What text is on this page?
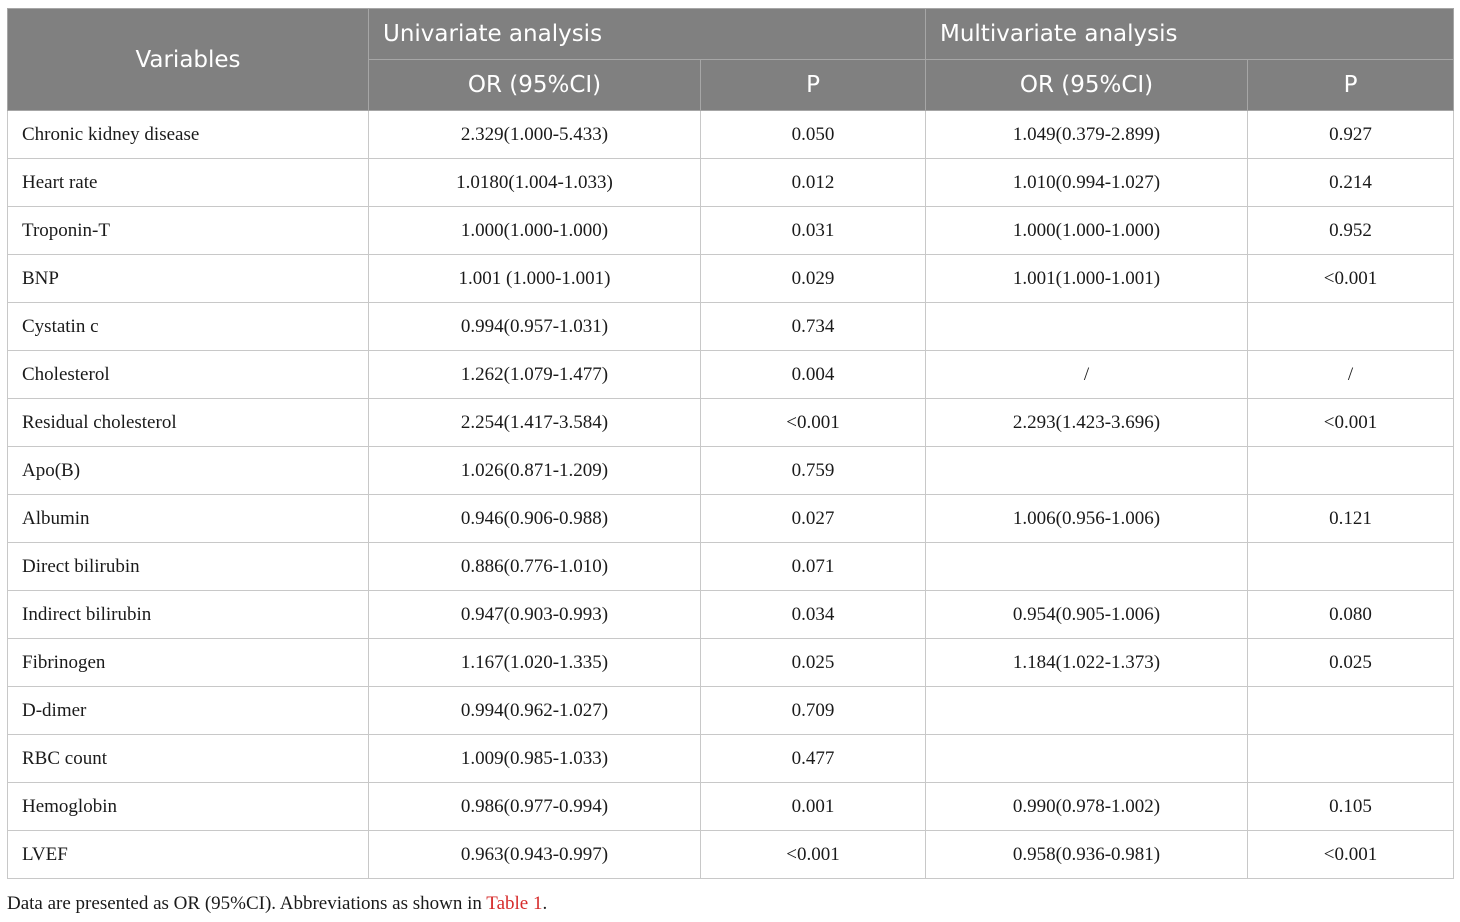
Variables	Univariate analysis		Multivariate analysis	
	OR (95%CI)	P	OR (95%CI)	P
Chronic kidney disease	2.329(1.000-5.433)	0.050	1.049(0.379-2.899)	0.927
Heart rate	1.0180(1.004-1.033)	0.012	1.010(0.994-1.027)	0.214
Troponin-T	1.000(1.000-1.000)	0.031	1.000(1.000-1.000)	0.952
BNP	1.001 (1.000-1.001)	0.029	1.001(1.000-1.001)	<0.001
Cystatin c	0.994(0.957-1.031)	0.734		
Cholesterol	1.262(1.079-1.477)	0.004	/	/
Residual cholesterol	2.254(1.417-3.584)	<0.001	2.293(1.423-3.696)	<0.001
Apo(B)	1.026(0.871-1.209)	0.759		
Albumin	0.946(0.906-0.988)	0.027	1.006(0.956-1.006)	0.121
Direct bilirubin	0.886(0.776-1.010)	0.071		
Indirect bilirubin	0.947(0.903-0.993)	0.034	0.954(0.905-1.006)	0.080
Fibrinogen	1.167(1.020-1.335)	0.025	1.184(1.022-1.373)	0.025
D-dimer	0.994(0.962-1.027)	0.709		
RBC count	1.009(0.985-1.033)	0.477		
Hemoglobin	0.986(0.977-0.994)	0.001	0.990(0.978-1.002)	0.105
LVEF	0.963(0.943-0.997)	<0.001	0.958(0.936-0.981)	<0.001
Data are presented as OR (95%CI). Abbreviations as shown in Table 1.
